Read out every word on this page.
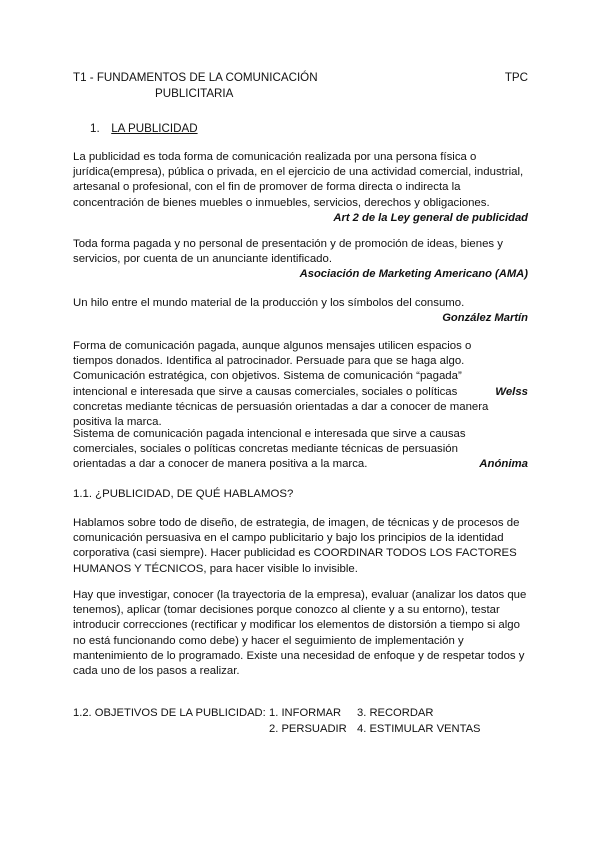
T1 - FUNDAMENTOS DE LA COMUNICACIÓN
PUBLICITARIA
TPC
1. LA PUBLICIDAD

La publicidad es toda forma de comunicación realizada por una persona física o jurídica(empresa), pública o privada, en el ejercicio de una actividad comercial, industrial, artesanal o profesional, con el fin de promover de forma directa o indirecta la concentración de bienes muebles o inmuebles, servicios, derechos y obligaciones.

Art 2 de la Ley general de publicidad

Toda forma pagada y no personal de presentación y de promoción de ideas, bienes y servicios, por cuenta de un anunciante identificado.

Asociación de Marketing Americano (AMA)

Un hilo entre el mundo material de la producción y los símbolos del consumo.

González Martín

Welss
Forma de comunicación pagada, aunque algunos mensajes utilicen espacios o tiempos donados. Identifica al patrocinador. Persuade para que se haga algo. Comunicación estratégica, con objetivos. Sistema de comunicación “pagada” intencional e interesada que sirve a causas comerciales, sociales o políticas concretas mediante técnicas de persuasión orientadas a dar a conocer de manera positiva la marca.

Anónima
Sistema de comunicación pagada intencional e interesada que sirve a causas comerciales, sociales o políticas concretas mediante técnicas de persuasión orientadas a dar a conocer de manera positiva a la marca.

1.1. ¿PUBLICIDAD, DE QUÉ HABLAMOS?

Hablamos sobre todo de diseño, de estrategia, de imagen, de técnicas y de procesos de comunicación persuasiva en el campo publicitario y bajo los principios de la identidad corporativa (casi siempre). Hacer publicidad es COORDINAR TODOS LOS FACTORES HUMANOS Y TÉCNICOS, para hacer visible lo invisible.

Hay que investigar, conocer (la trayectoria de la empresa), evaluar (analizar los datos que tenemos), aplicar (tomar decisiones porque conozco al cliente y a su entorno), testar introducir correcciones (rectificar y modificar los elementos de distorsión a tiempo si algo no está funcionando como debe) y hacer el seguimiento de implementación y mantenimiento de lo programado. Existe una necesidad de enfoque y de respetar todos y cada uno de los pasos a realizar.

1.2. OBJETIVOS DE LA PUBLICIDAD: 1. INFORMAR	3. RECORDAR
2. PERSUADIR 4. ESTIMULAR VENTAS
